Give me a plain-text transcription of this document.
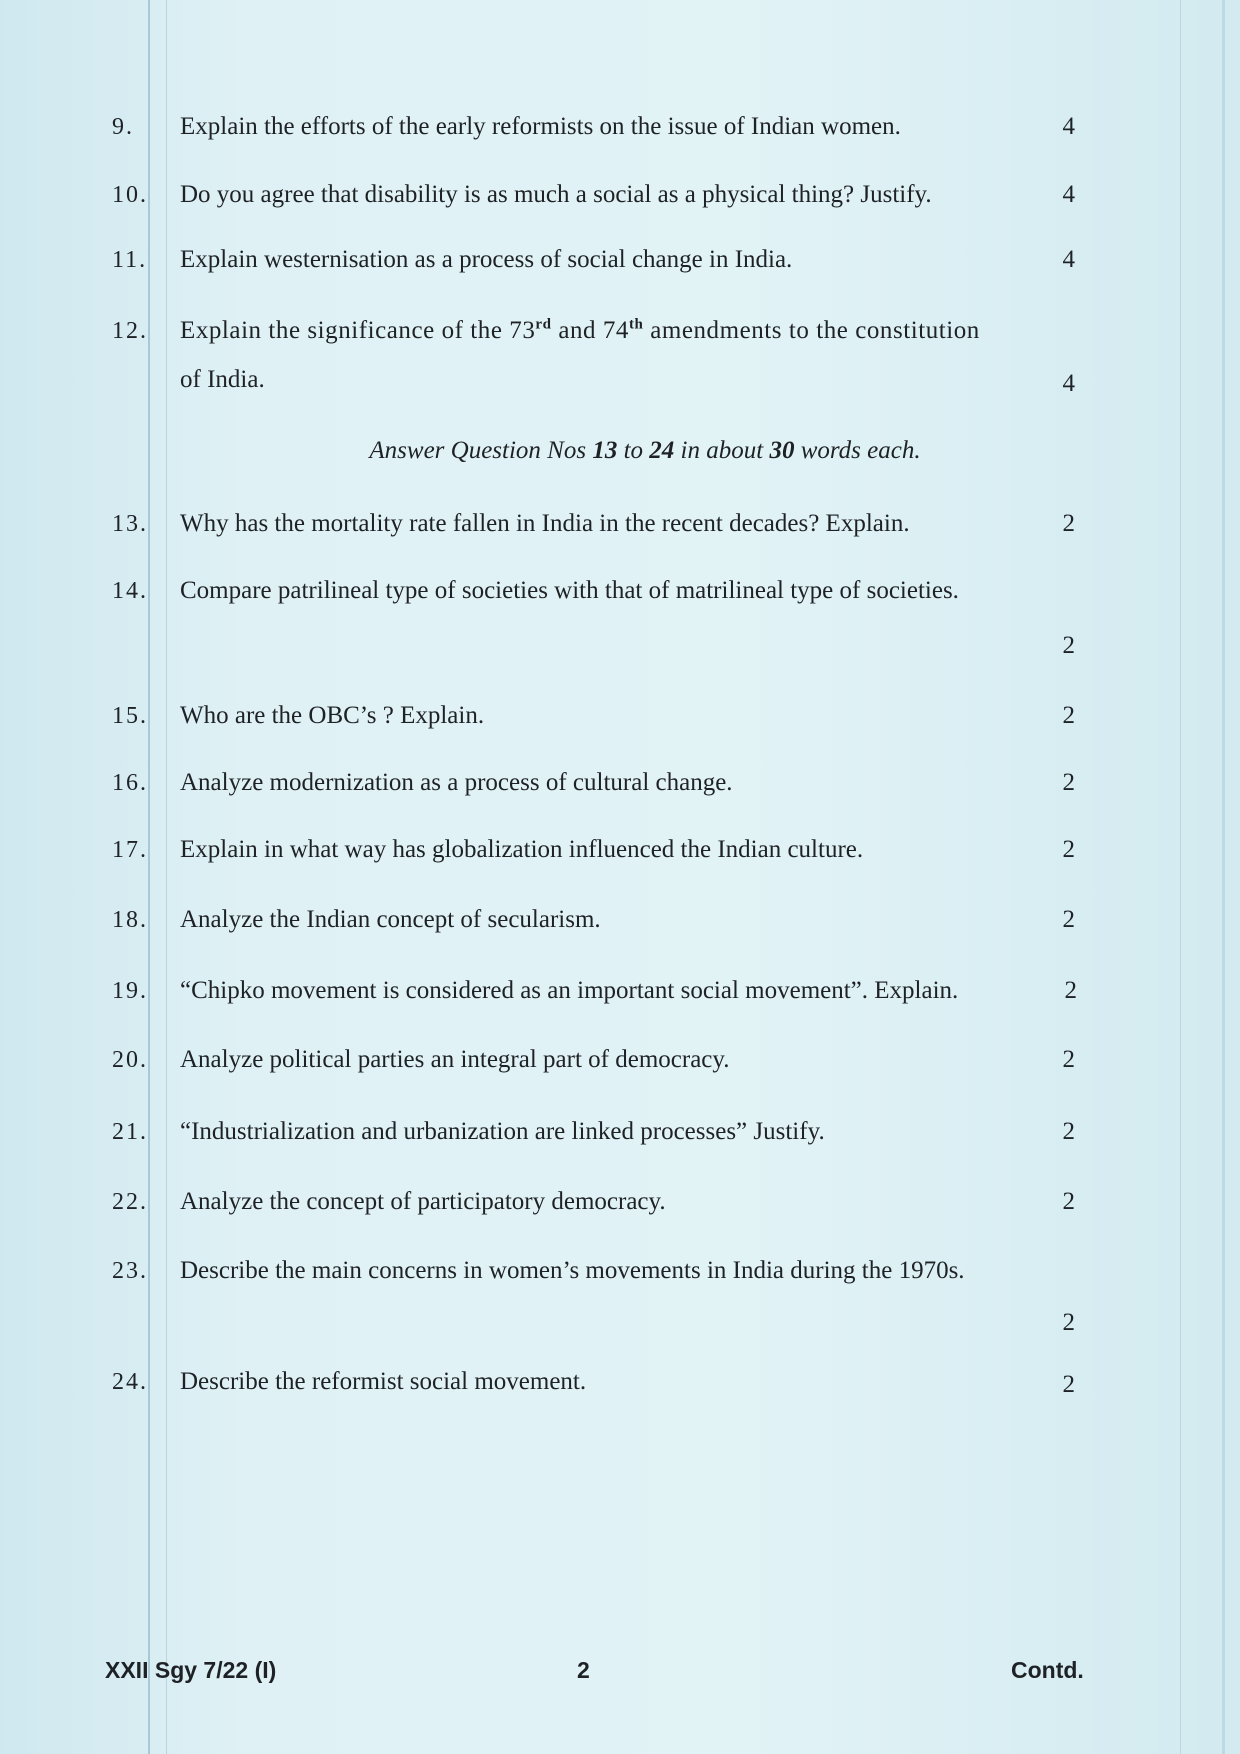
9. Explain the efforts of the early reformists on the issue of Indian women.	4
10. Do you agree that disability is as much a social as a physical thing? Justify.	4
11. Explain westernisation as a process of social change in India.	4
12. Explain the significance of the 73rd and 74th amendments to the constitution
of India.	4
Answer Question Nos 13 to 24 in about 30 words each.
13. Why has the mortality rate fallen in India in the recent decades? Explain.	2
14. Compare patrilineal type of societies with that of matrilineal type of societies.
2
15. Who are the OBC’s ? Explain.	2
16. Analyze modernization as a process of cultural change.	2
17. Explain in what way has globalization influenced the Indian culture.	2
18. Analyze the Indian concept of secularism.	2
19. “Chipko movement is considered as an important social movement”. Explain.	2
20. Analyze political parties an integral part of democracy.	2
21. “Industrialization and urbanization are linked processes” Justify.	2
22. Analyze the concept of participatory democracy.	2
23. Describe the main concerns in women’s movements in India during the 1970s.
2
24. Describe the reformist social movement.	2
XXII Sgy 7/22 (I)	2	Contd.
